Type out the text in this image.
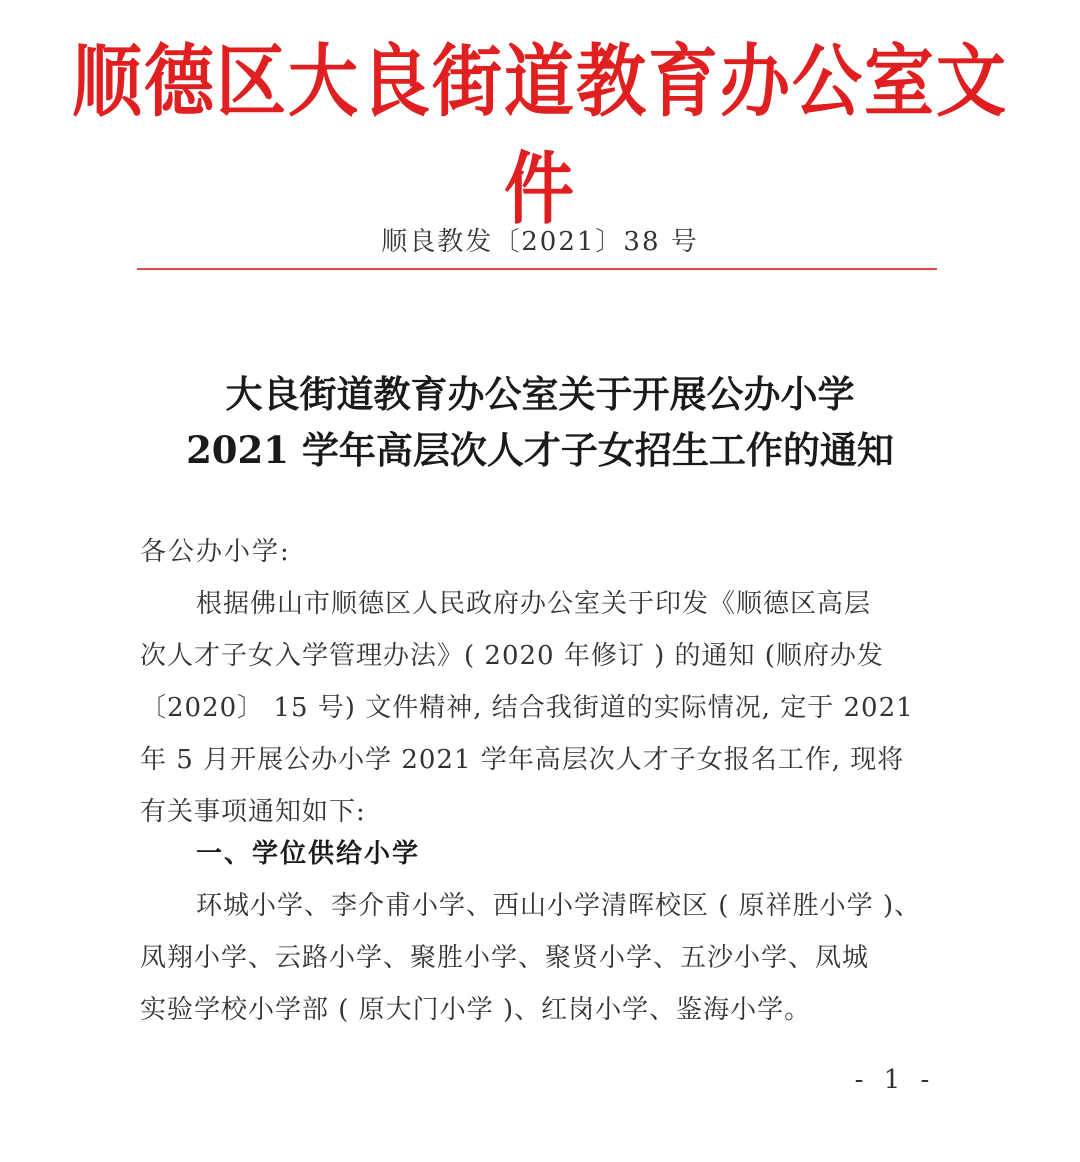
顺德区大良街道教育办公室文件
顺良教发〔2021〕38 号
大良街道教育办公室关于开展公办小学
2021 学年高层次人才子女招生工作的通知
各公办小学:
根据佛山市顺德区人民政府办公室关于印发《顺德区高层
次人才子女入学管理办法》( 2020 年修订 ) 的通知 (顺府办发
〔2020〕 15 号) 文件精神, 结合我街道的实际情况, 定于 2021
年 5 月开展公办小学 2021 学年高层次人才子女报名工作, 现将
有关事项通知如下:
一、学位供给小学
环城小学、李介甫小学、西山小学清晖校区 ( 原祥胜小学 )、
凤翔小学、云路小学、聚胜小学、聚贤小学、五沙小学、凤城
实验学校小学部 ( 原大门小学 )、红岗小学、鉴海小学。
- 1 -
